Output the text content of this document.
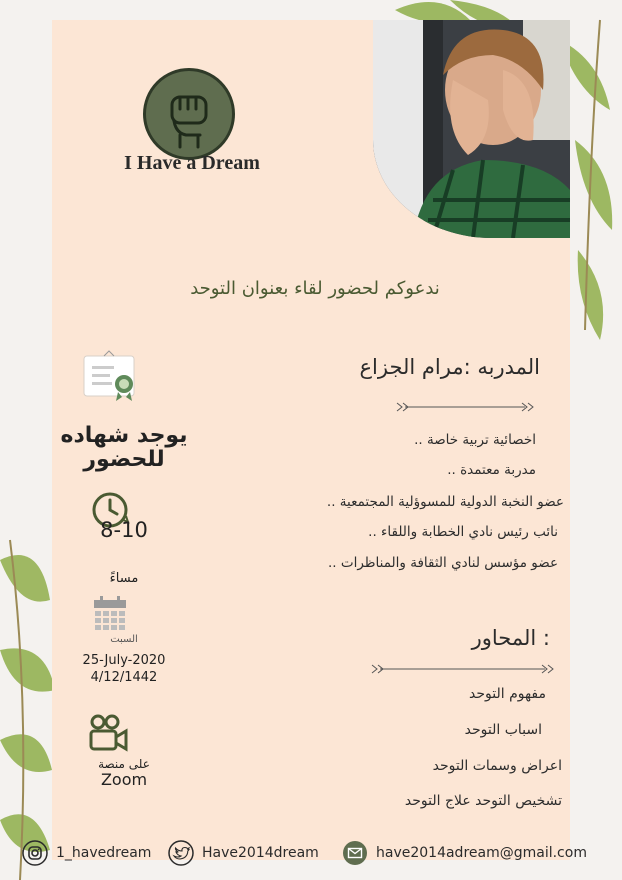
I Have a Dream
ندعوكم لحضور لقاء بعنوان التوحد
المدربه :مرام الجزاع
اخصائية تربية خاصة ..
مدربة معتمدة ..
عضو النخبة الدولية للمسوؤلية المجتمعية ..
نائب رئيس نادي الخطابة واللقاء ..
عضو مؤسس لنادي الثقافة والمناظرات ..
: المحاور
مفهوم التوحد
اسباب التوحد
اعراض وسمات التوحد
تشخيص التوحد علاج التوحد
يوجد شهاده للحضور
8-10
مساءً
السبت
25-July-2020
4/12/1442
على منصة
Zoom
1_havedream	Have2014dream	have2014adream@gmail.com
